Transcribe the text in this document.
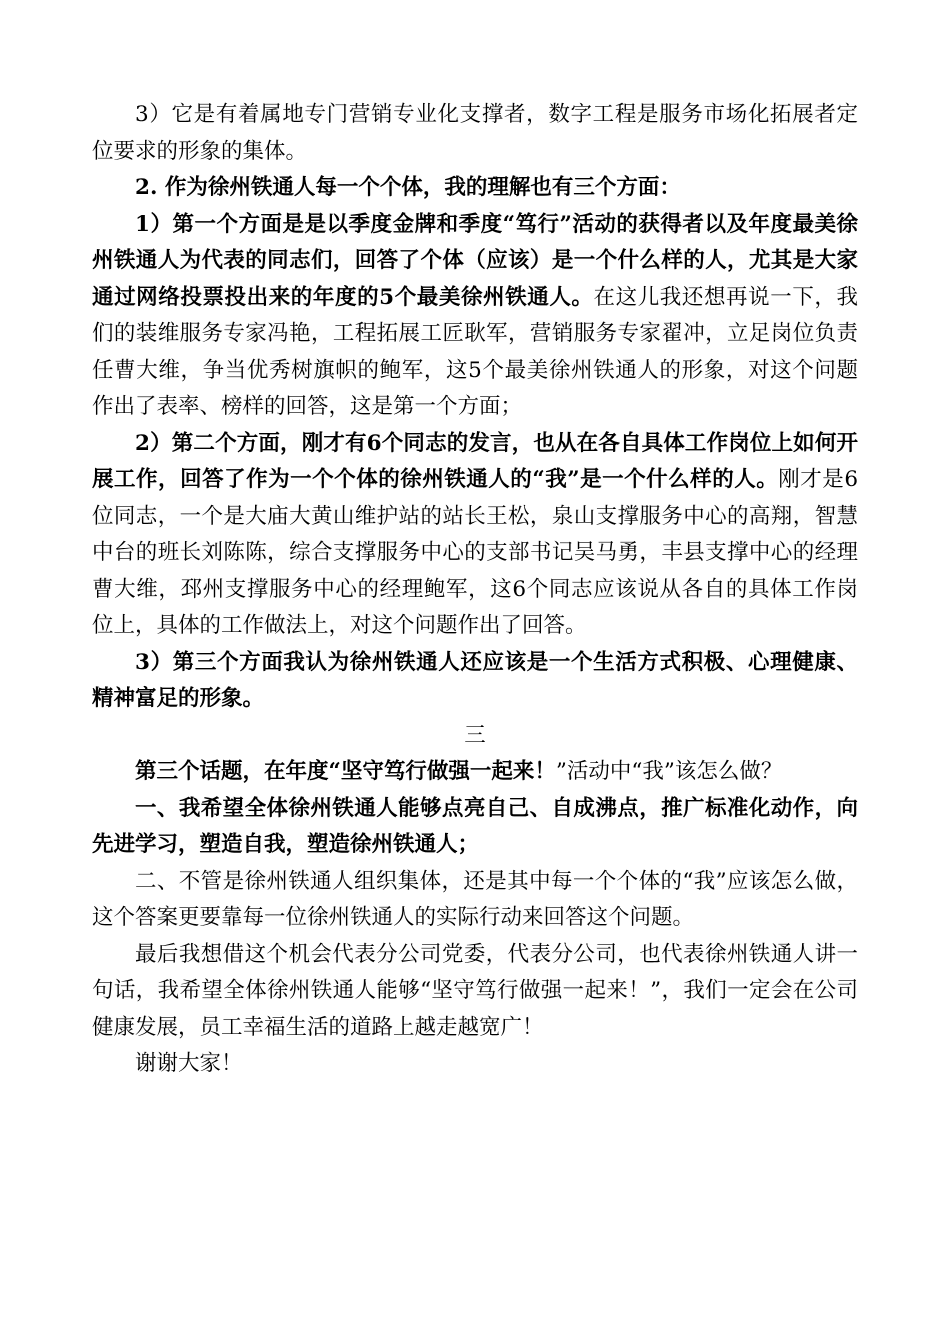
3）它是有着属地专门营销专业化支撑者，数字工程是服务市场化拓展者定位要求的形象的集体。

2. 作为徐州铁通人每一个个体，我的理解也有三个方面：

1）第一个方面是是以季度金牌和季度“笃行”活动的获得者以及年度最美徐州铁通人为代表的同志们，回答了个体（应该）是一个什么样的人，尤其是大家通过网络投票投出来的年度的5个最美徐州铁通人。在这儿我还想再说一下，我们的装维服务专家冯艳，工程拓展工匠耿军，营销服务专家翟冲，立足岗位负责任曹大维，争当优秀树旗帜的鲍军，这5个最美徐州铁通人的形象，对这个问题作出了表率、榜样的回答，这是第一个方面；

2）第二个方面，刚才有6个同志的发言，也从在各自具体工作岗位上如何开展工作，回答了作为一个个体的徐州铁通人的“我”是一个什么样的人。刚才是6位同志，一个是大庙大黄山维护站的站长王松，泉山支撑服务中心的高翔，智慧中台的班长刘陈陈，综合支撑服务中心的支部书记吴马勇，丰县支撑中心的经理曹大维，邳州支撑服务中心的经理鲍军，这6个同志应该说从各自的具体工作岗位上，具体的工作做法上，对这个问题作出了回答。

3）第三个方面我认为徐州铁通人还应该是一个生活方式积极、心理健康、精神富足的形象。

三

第三个话题，在年度“坚守笃行做强一起来！”活动中“我”该怎么做？

一、我希望全体徐州铁通人能够点亮自己、自成沸点，推广标准化动作，向先进学习，塑造自我，塑造徐州铁通人；

二、不管是徐州铁通人组织集体，还是其中每一个个体的“我”应该怎么做，这个答案更要靠每一位徐州铁通人的实际行动来回答这个问题。

最后我想借这个机会代表分公司党委，代表分公司，也代表徐州铁通人讲一句话，我希望全体徐州铁通人能够“坚守笃行做强一起来！”，我们一定会在公司健康发展，员工幸福生活的道路上越走越宽广！

谢谢大家！
